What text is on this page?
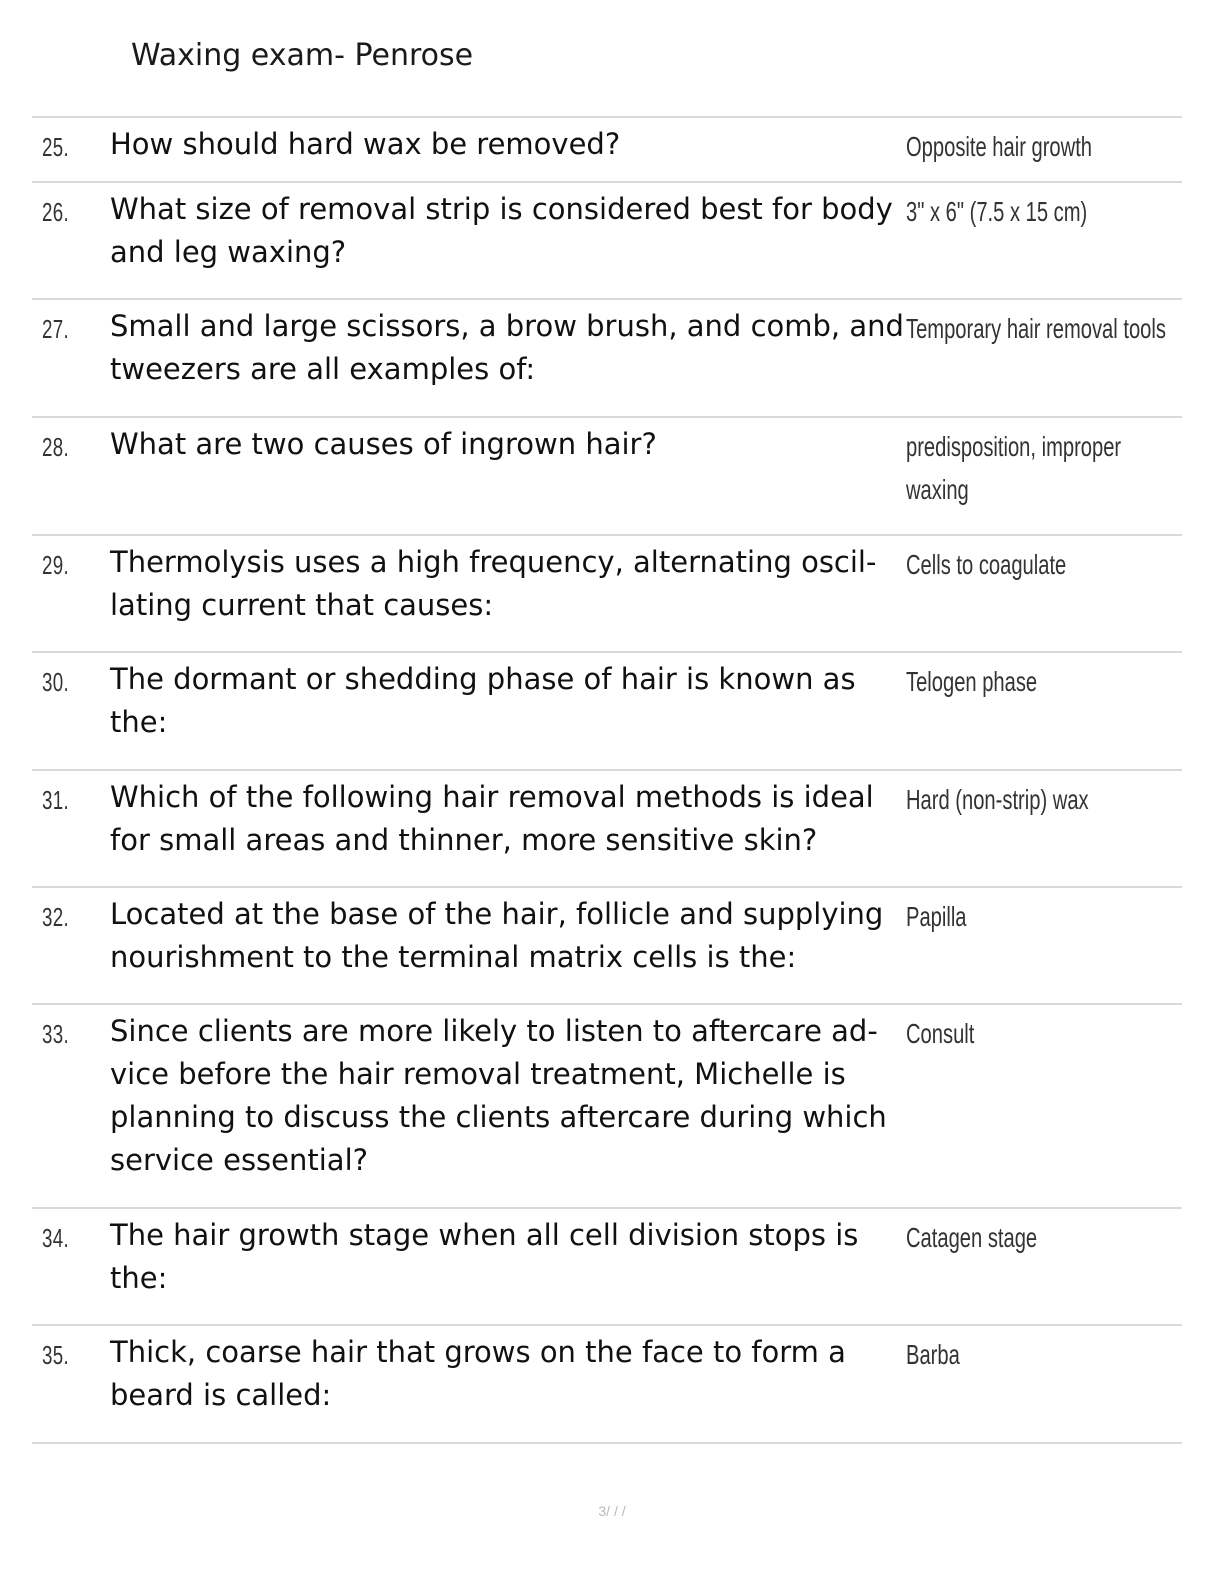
Waxing exam- Penrose
25. How should hard wax be removed?	Opposite hair growth
26. What size of removal strip is considered best for body and leg waxing?
3" x 6" (7.5 x 15 cm)
27. Small and large scissors, a brow brush, and comb, and tweezers are all examples of:
Temporary hair removal tools
28. What are two causes of ingrown hair?	predisposition, improper waxing
29. Thermolysis uses a high frequency, alternating oscil- lating current that causes:
Cells to coagulate
30. The dormant or shedding phase of hair is known as the:
Telogen phase
31. Which of the following hair removal methods is ideal for small areas and thinner, more sensitive skin?
Hard (non-strip) wax
32. Located at the base of the hair, follicle and supplying nourishment to the terminal matrix cells is the:
Papilla
33. Since clients are more likely to listen to aftercare ad- vice before the hair removal treatment, Michelle is planning to discuss the clients aftercare during which service essential?
Consult
34. The hair growth stage when all cell division stops is the:
Catagen stage
35. Thick, coarse hair that grows on the face to form a beard is called:
Barba
3/ / /
